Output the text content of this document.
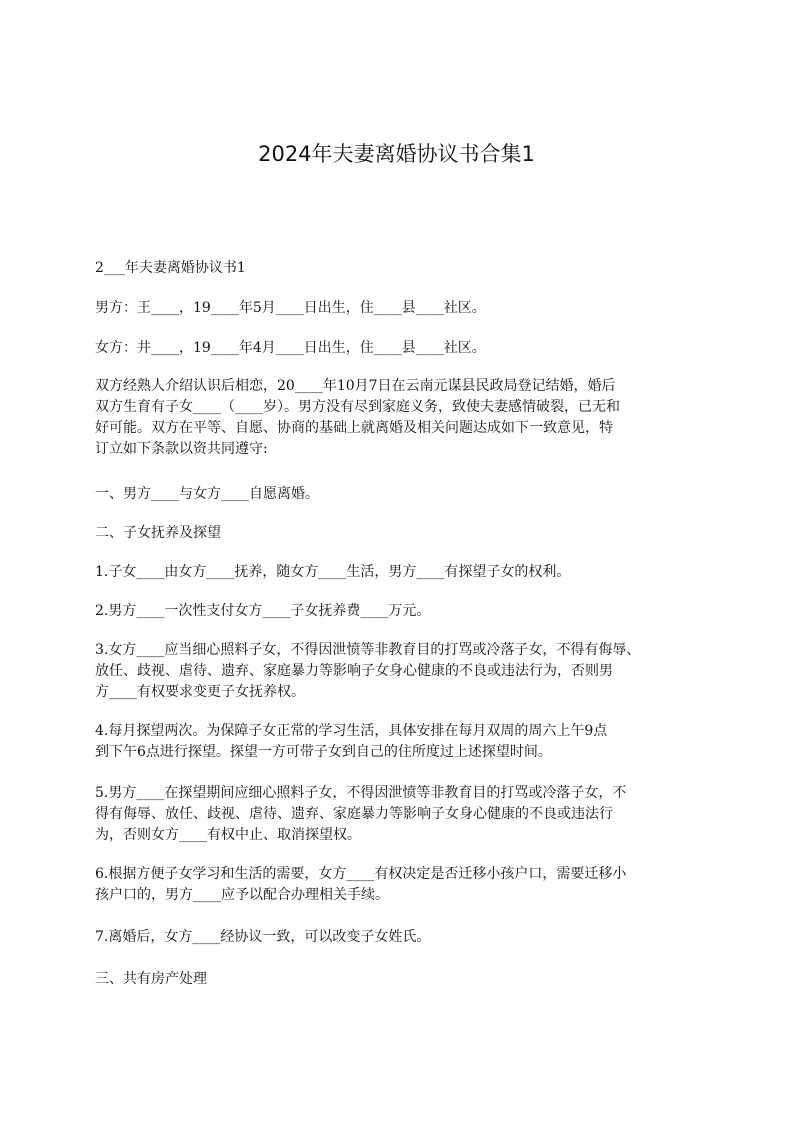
2024年夫妻离婚协议书合集1

2___年夫妻离婚协议书1

男方：王____，19____年5月____日出生，住____县____社区。

女方：井____，19____年4月____日出生，住____县____社区。

双方经熟人介绍认识后相恋，20____年10月7日在云南元谋县民政局登记结婚，婚后
双方生育有子女____（____岁）。男方没有尽到家庭义务，致使夫妻感情破裂，已无和
好可能。双方在平等、自愿、协商的基础上就离婚及相关问题达成如下一致意见，特
订立如下条款以资共同遵守:

一、男方____与女方____自愿离婚。

二、子女抚养及探望

1.子女____由女方____抚养，随女方____生活，男方____有探望子女的权利。

2.男方____一次性支付女方____子女抚养费____万元。

3.女方____应当细心照料子女，不得因泄愤等非教育目的打骂或冷落子女，不得有侮辱、
放任、歧视、虐待、遗弃、家庭暴力等影响子女身心健康的不良或违法行为，否则男
方____有权要求变更子女抚养权。

4.每月探望两次。为保障子女正常的学习生活，具体安排在每月双周的周六上午9点
到下午6点进行探望。探望一方可带子女到自己的住所度过上述探望时间。

5.男方____在探望期间应细心照料子女，不得因泄愤等非教育目的打骂或冷落子女，不
得有侮辱、放任、歧视、虐待、遗弃、家庭暴力等影响子女身心健康的不良或违法行
为，否则女方____有权中止、取消探望权。

6.根据方便子女学习和生活的需要，女方____有权决定是否迁移小孩户口，需要迁移小
孩户口的，男方____应予以配合办理相关手续。

7.离婚后，女方____经协议一致，可以改变子女姓氏。

三、共有房产处理
